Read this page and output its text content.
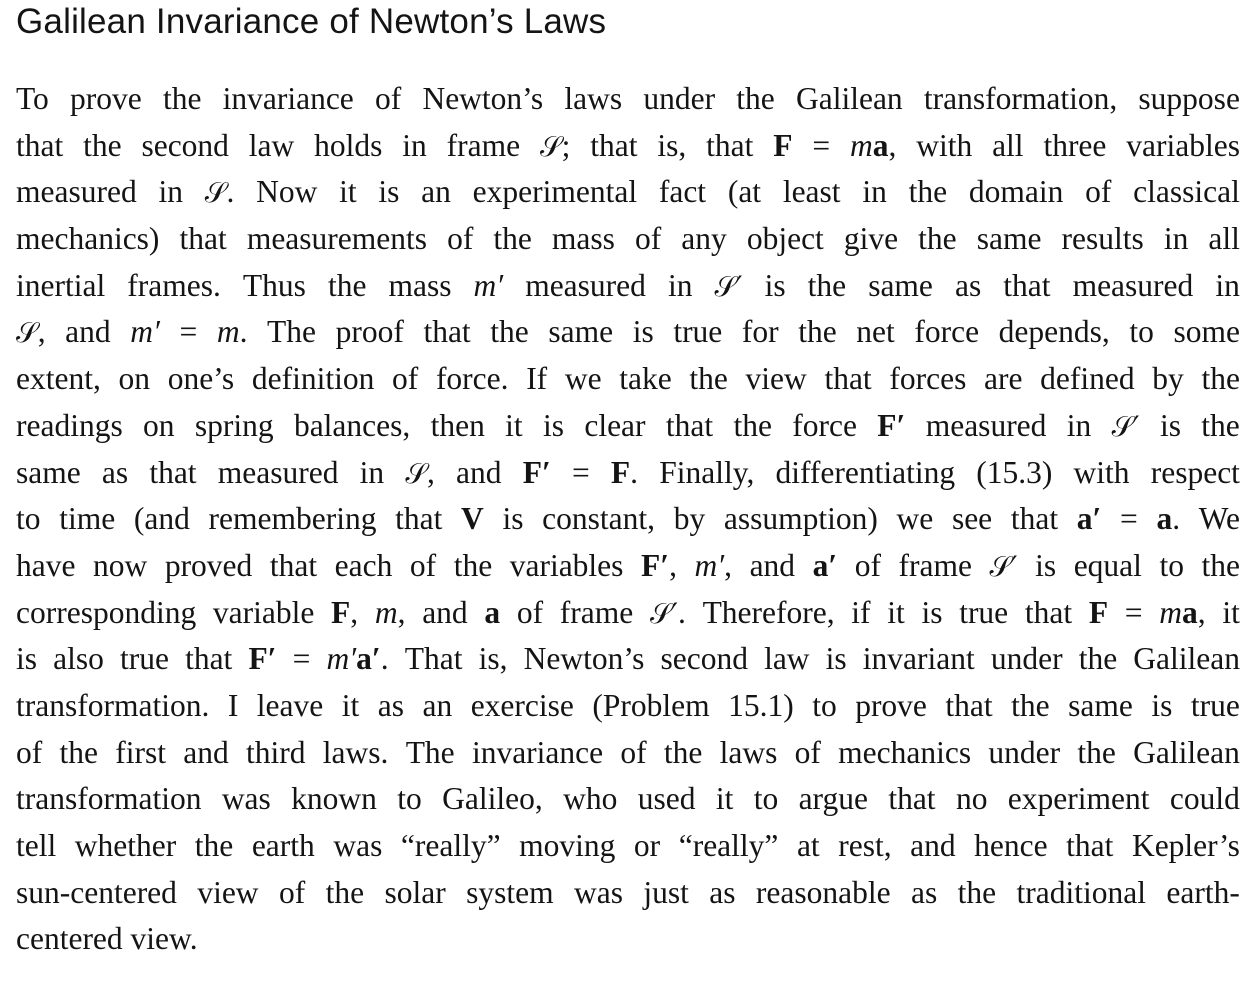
Galilean Invariance of Newton’s Laws
To prove the invariance of Newton’s laws under the Galilean transformation, suppose
that the second law holds in frame 𝒮; that is, that F = ma, with all three variables
measured in 𝒮. Now it is an experimental fact (at least in the domain of classical
mechanics) that measurements of the mass of any object give the same results in all
inertial frames. Thus the mass m′ measured in 𝒮′ is the same as that measured in
𝒮, and m′ = m. The proof that the same is true for the net force depends, to some
extent, on one’s definition of force. If we take the view that forces are defined by the
readings on spring balances, then it is clear that the force F′ measured in 𝒮′ is the
same as that measured in 𝒮, and F′ = F. Finally, differentiating (15.3) with respect
to time (and remembering that V is constant, by assumption) we see that a′ = a. We
have now proved that each of the variables F′, m′, and a′ of frame 𝒮′ is equal to the
corresponding variable F, m, and a of frame 𝒮′. Therefore, if it is true that F = ma, it
is also true that F′ = m′a′. That is, Newton’s second law is invariant under the Galilean
transformation. I leave it as an exercise (Problem 15.1) to prove that the same is true
of the first and third laws. The invariance of the laws of mechanics under the Galilean
transformation was known to Galileo, who used it to argue that no experiment could
tell whether the earth was “really” moving or “really” at rest, and hence that Kepler’s
sun-centered view of the solar system was just as reasonable as the traditional earth-
centered view.
